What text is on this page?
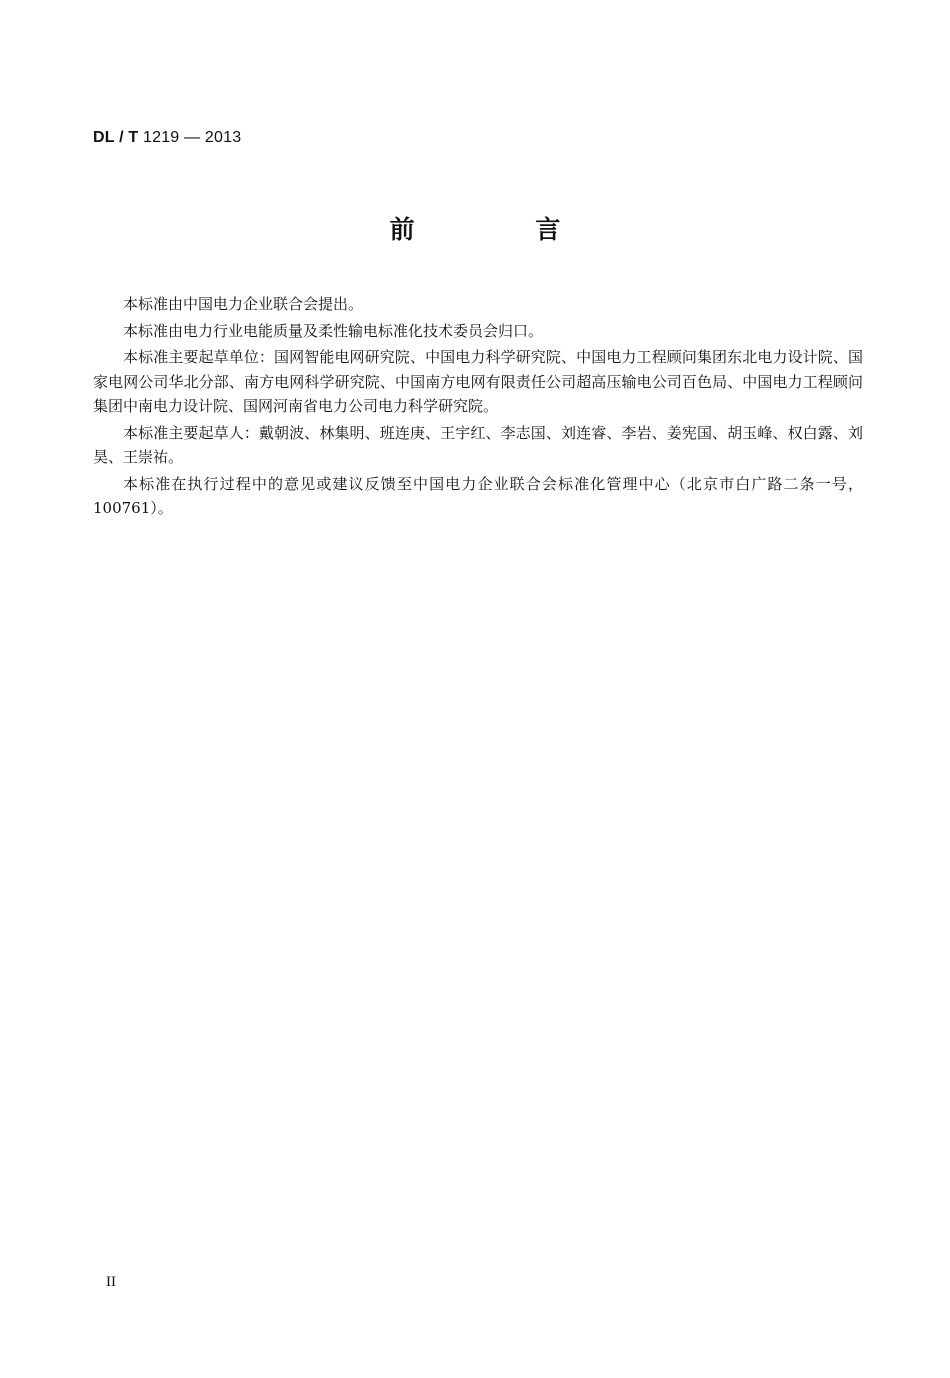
DL / T 1219 — 2013
前 言

本标准由中国电力企业联合会提出。

本标准由电力行业电能质量及柔性输电标准化技术委员会归口。

本标准主要起草单位：国网智能电网研究院、中国电力科学研究院、中国电力工程顾问集团东北电力设计院、国家电网公司华北分部、南方电网科学研究院、中国南方电网有限责任公司超高压输电公司百色局、中国电力工程顾问集团中南电力设计院、国网河南省电力公司电力科学研究院。

本标准主要起草人：戴朝波、林集明、班连庚、王宇红、李志国、刘连睿、李岩、姜宪国、胡玉峰、权白露、刘昊、王崇祐。

本标准在执行过程中的意见或建议反馈至中国电力企业联合会标准化管理中心（北京市白广路二条一号，100761）。

II
